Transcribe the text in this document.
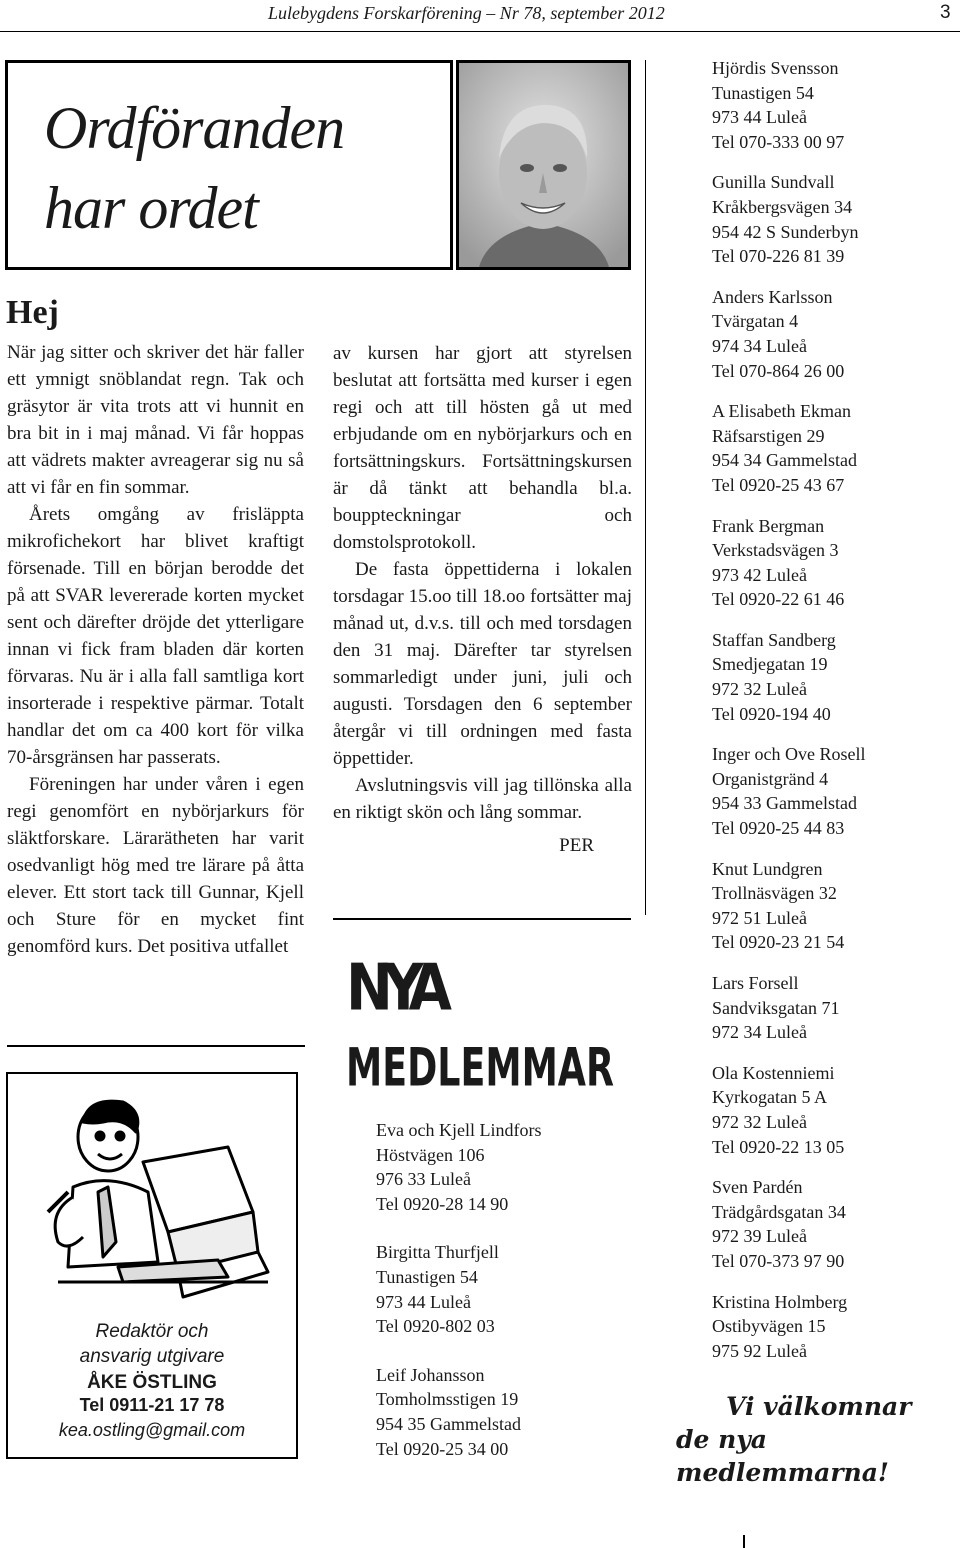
Lulebygdens Forskarförening – Nr 78, september 2012	3
Ordföranden
har ordet
Hej

När jag sitter och skriver det här faller ett ymnigt snöblandat regn. Tak och gräsytor är vita trots att vi hunnit en bra bit in i maj månad. Vi får hoppas att vädrets makter avreagerar sig nu så att vi får en fin sommar.

Årets omgång av frisläppta mikrofichekort har blivet kraftigt försenade. Till en början berodde det på att SVAR levererade korten mycket sent och därefter dröjde det ytterligare innan vi fick fram bladen där korten förvaras. Nu är i alla fall samtliga kort insorterade i respektive pärmar. Totalt handlar det om ca 400 kort för vilka 70-årsgränsen har passerats.

Föreningen har under våren i egen regi genomfört en nybörjarkurs för släktforskare. Lärarätheten har varit osedvanligt hög med tre lärare på åtta elever. Ett stort tack till Gunnar, Kjell och Sture för en mycket fint genomförd kurs. Det positiva utfallet

av kursen har gjort att styrelsen beslutat att fortsätta med kurser i egen regi och att till hösten gå ut med erbjudande om en nybörjarkurs och en fortsättningskurs. Fortsättningskursen är då tänkt att behandla bl.a. bouppteckningar och domstolsprotokoll.

De fasta öppettiderna i lokalen torsdagar 15.oo till 18.oo fortsätter maj månad ut, d.v.s. till och med torsdagen den 31 maj. Därefter tar styrelsen sommarledigt under juni, juli och augusti. Torsdagen den 6 september återgår vi till ordningen med fasta öppettider.

Avslutningsvis vill jag tillönska alla en riktigt skön och lång sommar.

PER

Redaktör och
ansvarig utgivare
ÅKE ÖSTLING
Tel 0911-21 17 78
kea.ostling@gmail.com
NYA
MEDLEMMAR
Eva och Kjell Lindfors
Höstvägen 106
976 33 Luleå
Tel 0920-28 14 90
Birgitta Thurfjell
Tunastigen 54
973 44 Luleå
Tel 0920-802 03
Leif Johansson
Tomholmsstigen 19
954 35 Gammelstad
Tel 0920-25 34 00
Hjördis Svensson
Tunastigen 54
973 44 Luleå
Tel 070-333 00 97
Gunilla Sundvall
Kråkbergsvägen 34
954 42 S Sunderbyn
Tel 070-226 81 39
Anders Karlsson
Tvärgatan 4
974 34 Luleå
Tel 070-864 26 00
A Elisabeth Ekman
Räfsarstigen 29
954 34 Gammelstad
Tel 0920-25 43 67
Frank Bergman
Verkstadsvägen 3
973 42 Luleå
Tel 0920-22 61 46
Staffan Sandberg
Smedjegatan 19
972 32 Luleå
Tel 0920-194 40
Inger och Ove Rosell
Organistgränd 4
954 33 Gammelstad
Tel 0920-25 44 83
Knut Lundgren
Trollnäsvägen 32
972 51 Luleå
Tel 0920-23 21 54
Lars Forsell
Sandviksgatan 71
972 34 Luleå
Ola Kostenniemi
Kyrkogatan 5 A
972 32 Luleå
Tel 0920-22 13 05
Sven Pardén
Trädgårdsgatan 34
972 39 Luleå
Tel 070-373 97 90
Kristina Holmberg
Ostibyvägen 15
975 92 Luleå
Vi välkomnar
de nya medlemmarna!
